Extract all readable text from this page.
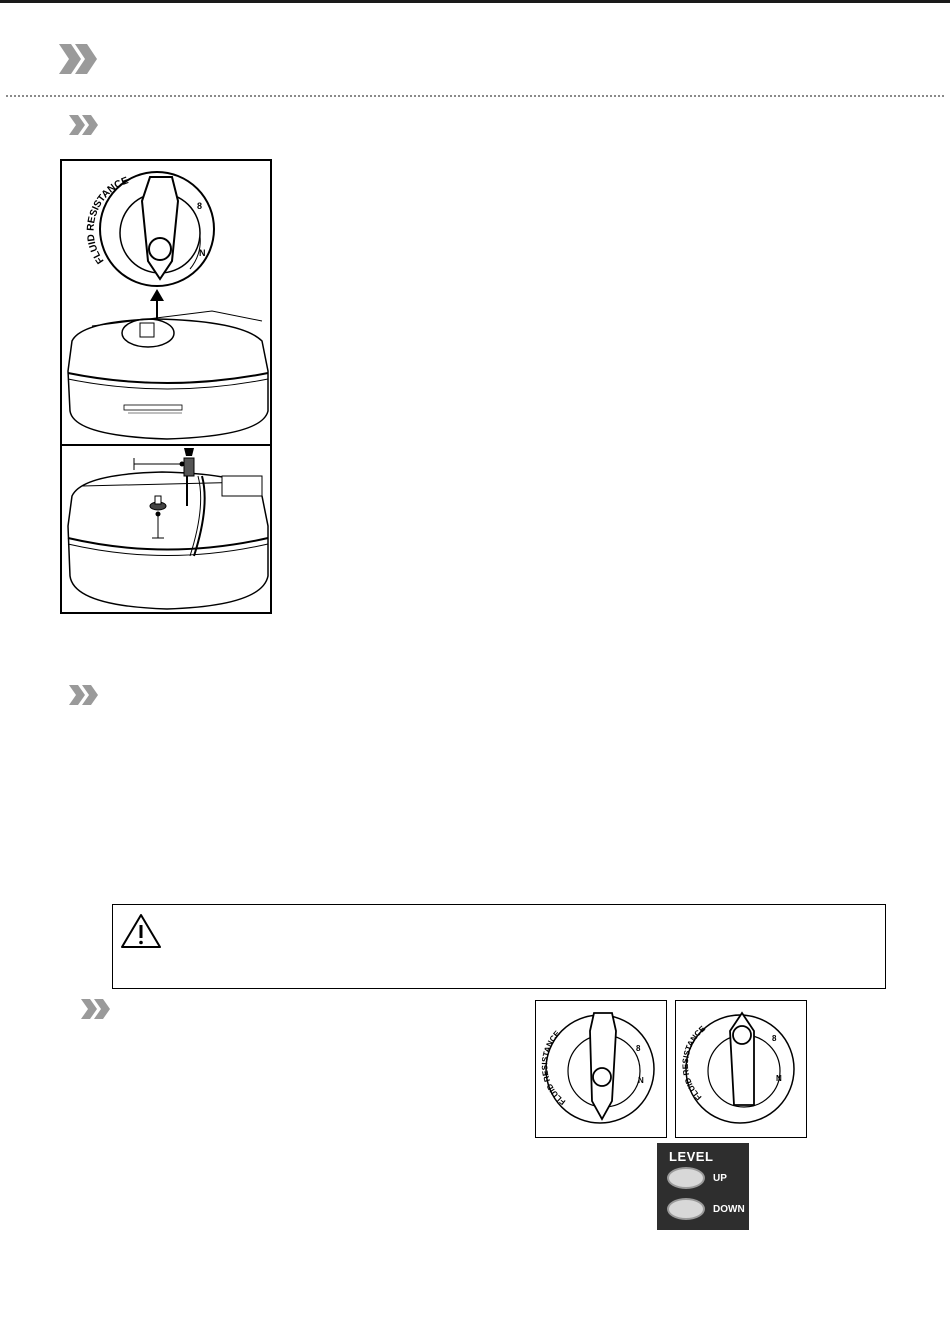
FLUID RESISTANCE
8
N
FLUID RESISTANCE
8
N
FLUID RESISTANCE
8
N
LEVEL
UP
DOWN
